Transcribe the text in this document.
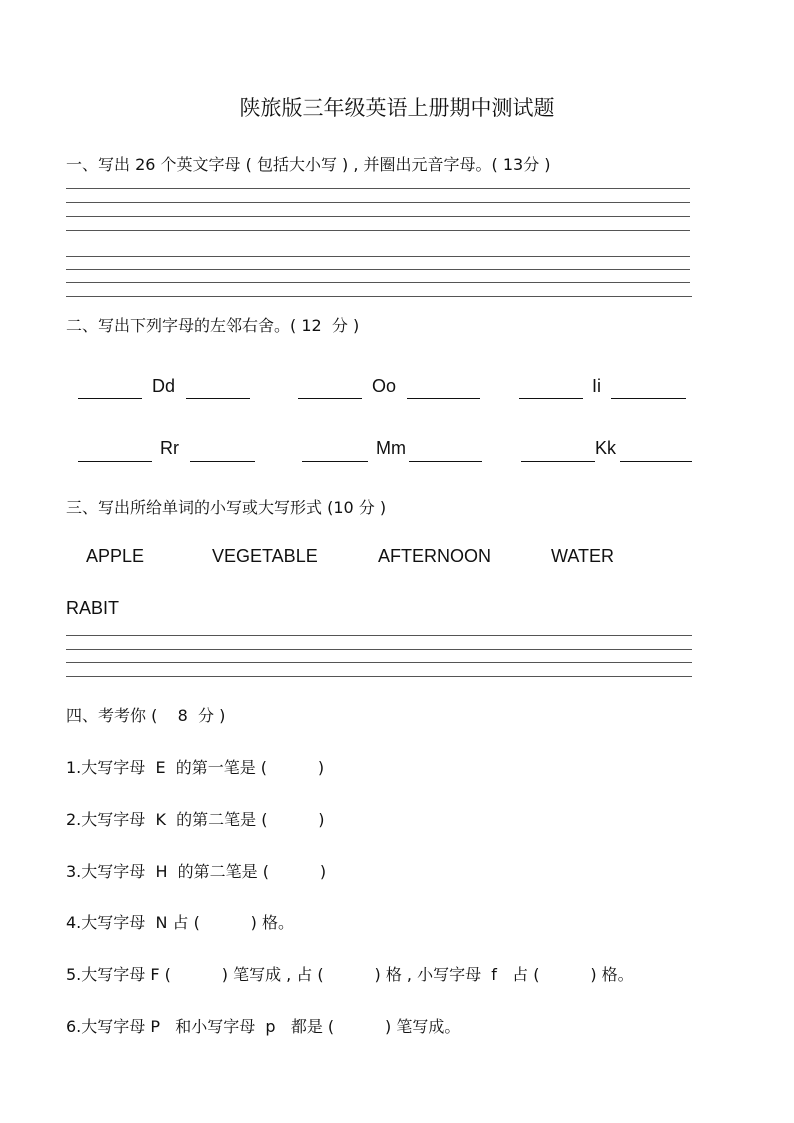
陕旅版三年级英语上册期中测试题
一、写出 26 个英文字母 ( 包括大小写 ) , 并圈出元音字母。( 13分 )
二、写出下列字母的左邻右舍。( 12  分 )
Dd	Oo	Ii
Rr	Mm	Kk
三、写出所给单词的小写或大写形式 (10 分 )
APPLE	VEGETABLE	AFTERNOON	WATER
RABIT
四、考考你 (    8  分 )
1.大写字母  E  的第一笔是 (          )
2.大写字母  K  的第二笔是 (          )
3.大写字母  H  的第二笔是 (          )
4.大写字母  N 占 (          ) 格。
5.大写字母 F (          ) 笔写成 , 占 (          ) 格 , 小写字母  f   占 (          ) 格。
6.大写字母 P   和小写字母  p   都是 (          ) 笔写成。
